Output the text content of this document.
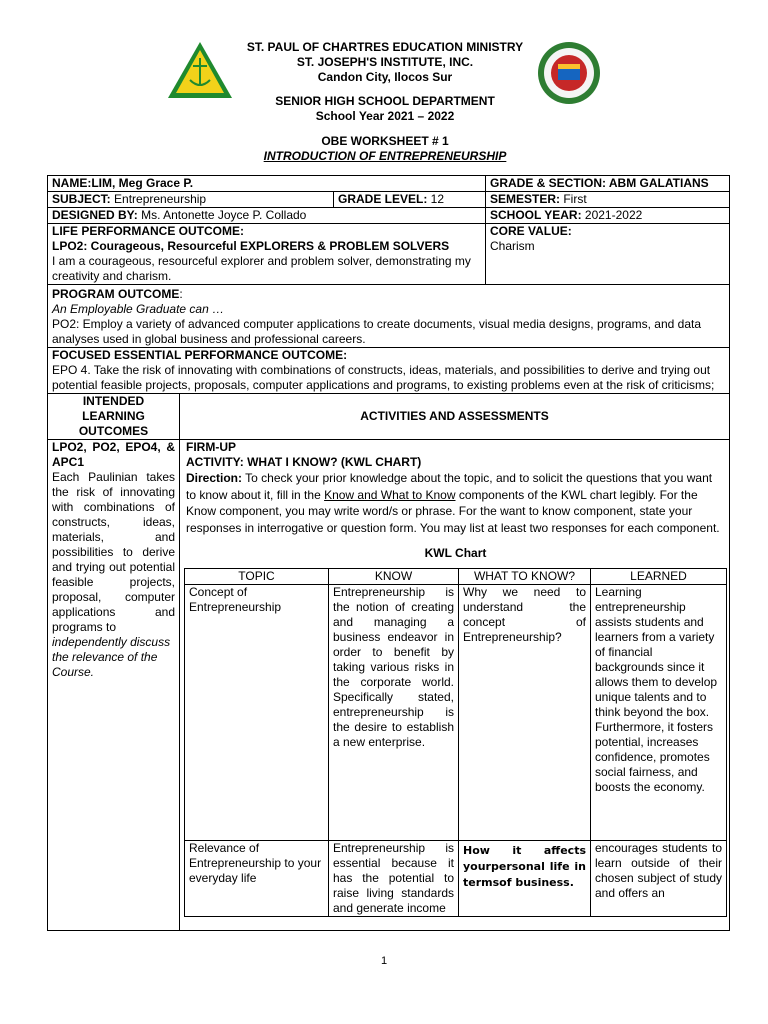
ST. PAUL OF CHARTRES EDUCATION MINISTRY
ST. JOSEPH'S INSTITUTE, INC.
Candon City, Ilocos Sur
SENIOR HIGH SCHOOL DEPARTMENT
School Year 2021 – 2022
OBE WORKSHEET # 1
INTRODUCTION OF ENTREPRENEURSHIP
NAME:LIM, Meg Grace P.	GRADE & SECTION: ABM GALATIANS
SUBJECT: Entrepreneurship	GRADE LEVEL: 12	SEMESTER: First
DESIGNED BY: Ms. Antonette Joyce P. Collado	SCHOOL YEAR: 2021-2022

LIFE PERFORMANCE OUTCOME:
LPO2: Courageous, Resourceful EXPLORERS & PROBLEM SOLVERS
I am a courageous, resourceful explorer and problem solver, demonstrating my creativity and charism.

CORE VALUE:
Charism

PROGRAM OUTCOME:
An Employable Graduate can …
PO2: Employ a variety of advanced computer applications to create documents, visual media designs, programs, and data analyses used in global business and professional careers.

FOCUSED ESSENTIAL PERFORMANCE OUTCOME:
EPO 4. Take the risk of innovating with combinations of constructs, ideas, materials, and possibilities to derive and trying out potential feasible projects, proposals, computer applications and programs, to existing problems even at the risk of criticisms;

INTENDED LEARNING OUTCOMES	ACTIVITIES AND ASSESSMENTS

LPO2, PO2, EPO4, & APC1
Each Paulinian takes the risk of innovating with combinations of constructs, ideas, materials, and possibilities to derive and trying out potential feasible projects, proposal, computer applications and programs to
independently discuss the relevance of the Course.

FIRM-UP
ACTIVITY: WHAT I KNOW? (KWL CHART)
Direction: To check your prior knowledge about the topic, and to solicit the questions that you want to know about it, fill in the Know and What to Know components of the KWL chart legibly. For the Know component, you may write word/s or phrase. For the want to know component, state your responses in interrogative or question form. You may list at least two responses for each component.
KWL Chart
TOPIC	KNOW	WHAT TO KNOW?	LEARNED
Concept of Entrepreneurship	Entrepreneurship is the notion of creating and managing a business endeavor in order to benefit by taking various risks in the corporate world. Specifically stated, entrepreneurship is the desire to establish a new enterprise.	Why we need to understand the concept of Entrepreneurship?	Learning entrepreneurship assists students and learners from a variety of financial backgrounds since it allows them to develop unique talents and to think beyond the box. Furthermore, it fosters potential, increases confidence, promotes social fairness, and boosts the economy.
Relevance of Entrepreneurship to your everyday life	Entrepreneurship is essential because it has the potential to raise living standards and generate income	How it affects yourpersonal life in termsof business.	encourages students to learn outside of their chosen subject of study and offers an
1
